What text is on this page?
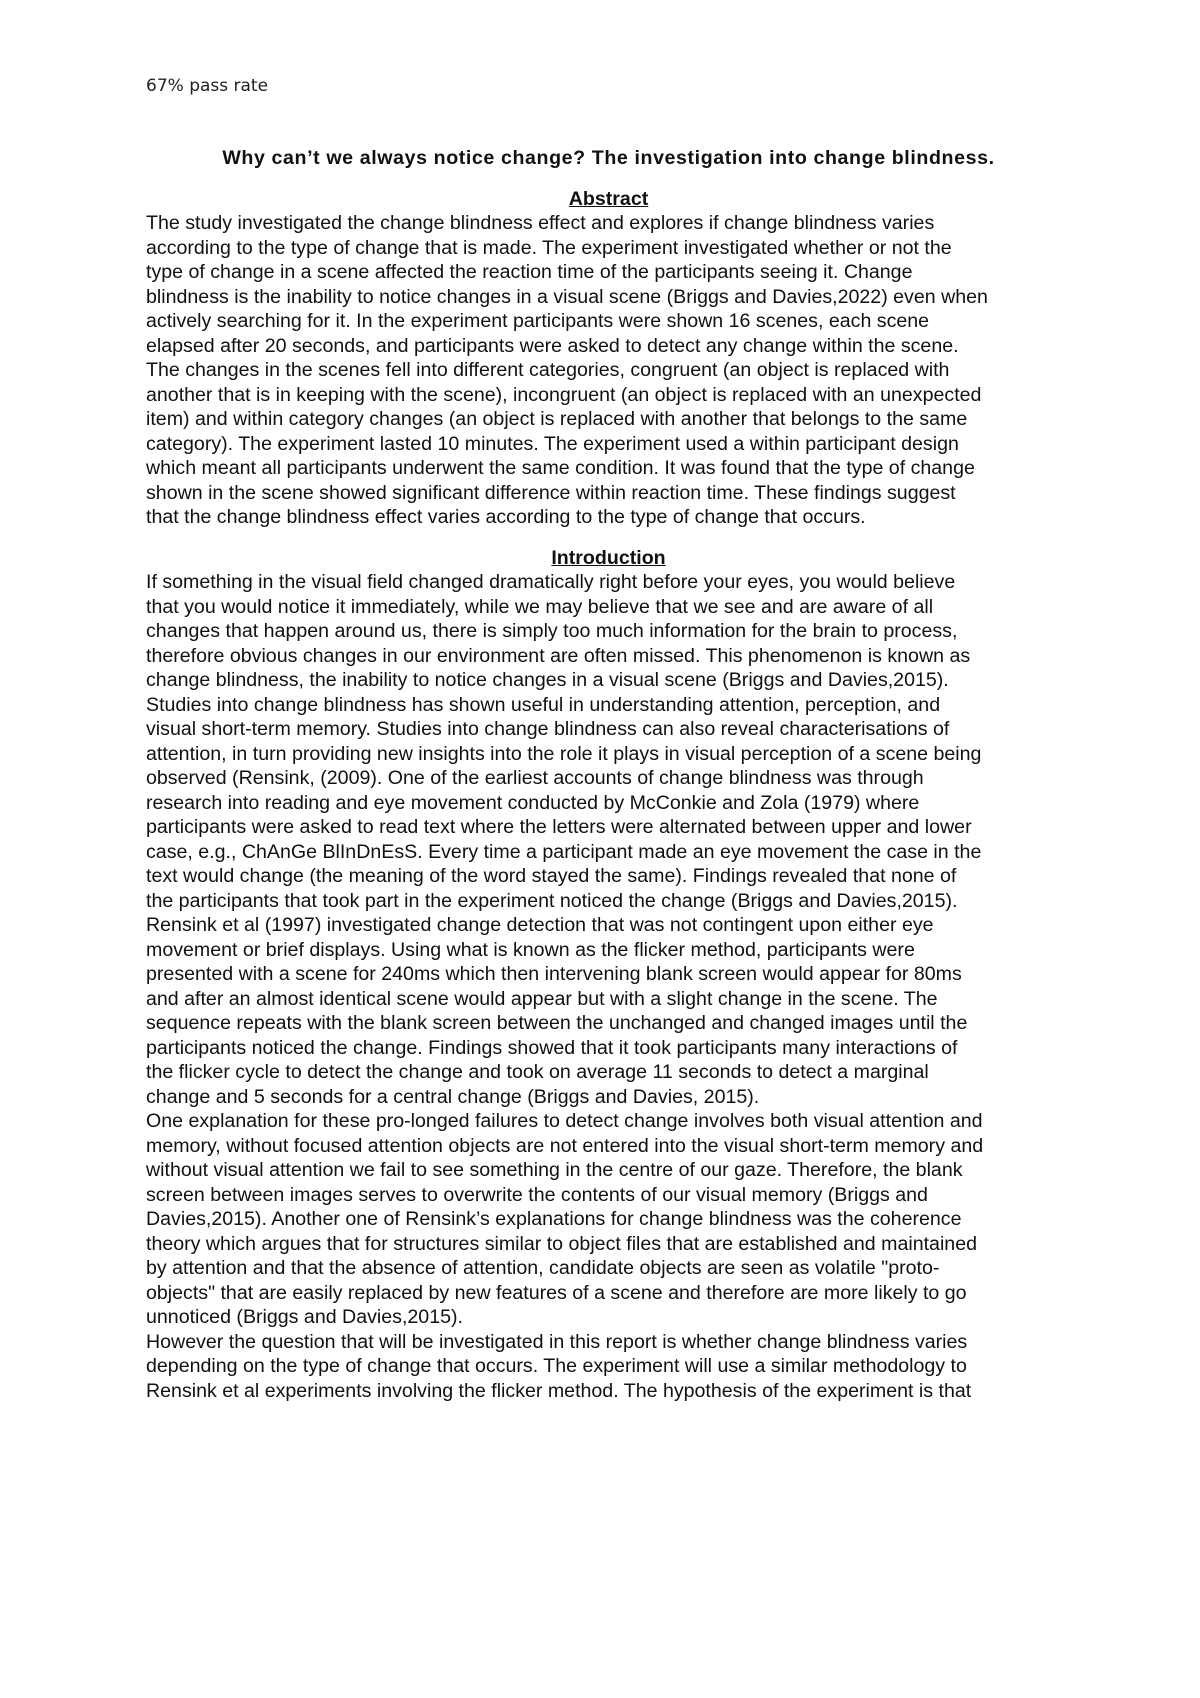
67% pass rate

Why can’t we always notice change? The investigation into change blindness.

Abstract

The study investigated the change blindness effect and explores if change blindness varies
according to the type of change that is made. The experiment investigated whether or not the
type of change in a scene affected the reaction time of the participants seeing it. Change
blindness is the inability to notice changes in a visual scene (Briggs and Davies,2022) even when
actively searching for it. In the experiment participants were shown 16 scenes, each scene
elapsed after 20 seconds, and participants were asked to detect any change within the scene.
The changes in the scenes fell into different categories, congruent (an object is replaced with
another that is in keeping with the scene), incongruent (an object is replaced with an unexpected
item) and within category changes (an object is replaced with another that belongs to the same
category). The experiment lasted 10 minutes. The experiment used a within participant design
which meant all participants underwent the same condition. It was found that the type of change
shown in the scene showed significant difference within reaction time. These findings suggest
that the change blindness effect varies according to the type of change that occurs.

Introduction

If something in the visual field changed dramatically right before your eyes, you would believe
that you would notice it immediately, while we may believe that we see and are aware of all
changes that happen around us, there is simply too much information for the brain to process,
therefore obvious changes in our environment are often missed. This phenomenon is known as
change blindness, the inability to notice changes in a visual scene (Briggs and Davies,2015).
Studies into change blindness has shown useful in understanding attention, perception, and
visual short-term memory. Studies into change blindness can also reveal characterisations of
attention, in turn providing new insights into the role it plays in visual perception of a scene being
observed (Rensink, (2009). One of the earliest accounts of change blindness was through
research into reading and eye movement conducted by McConkie and Zola (1979) where
participants were asked to read text where the letters were alternated between upper and lower
case, e.g., ChAnGe BlInDnEsS. Every time a participant made an eye movement the case in the
text would change (the meaning of the word stayed the same). Findings revealed that none of
the participants that took part in the experiment noticed the change (Briggs and Davies,2015).

Rensink et al (1997) investigated change detection that was not contingent upon either eye
movement or brief displays. Using what is known as the flicker method, participants were
presented with a scene for 240ms which then intervening blank screen would appear for 80ms
and after an almost identical scene would appear but with a slight change in the scene. The
sequence repeats with the blank screen between the unchanged and changed images until the
participants noticed the change. Findings showed that it took participants many interactions of
the flicker cycle to detect the change and took on average 11 seconds to detect a marginal
change and 5 seconds for a central change (Briggs and Davies, 2015).

One explanation for these pro-longed failures to detect change involves both visual attention and
memory, without focused attention objects are not entered into the visual short-term memory and
without visual attention we fail to see something in the centre of our gaze. Therefore, the blank
screen between images serves to overwrite the contents of our visual memory (Briggs and
Davies,2015). Another one of Rensink’s explanations for change blindness was the coherence
theory which argues that for structures similar to object files that are established and maintained
by attention and that the absence of attention, candidate objects are seen as volatile "proto-
objects" that are easily replaced by new features of a scene and therefore are more likely to go
unnoticed (Briggs and Davies,2015).

However the question that will be investigated in this report is whether change blindness varies
depending on the type of change that occurs. The experiment will use a similar methodology to
Rensink et al experiments involving the flicker method. The hypothesis of the experiment is that
